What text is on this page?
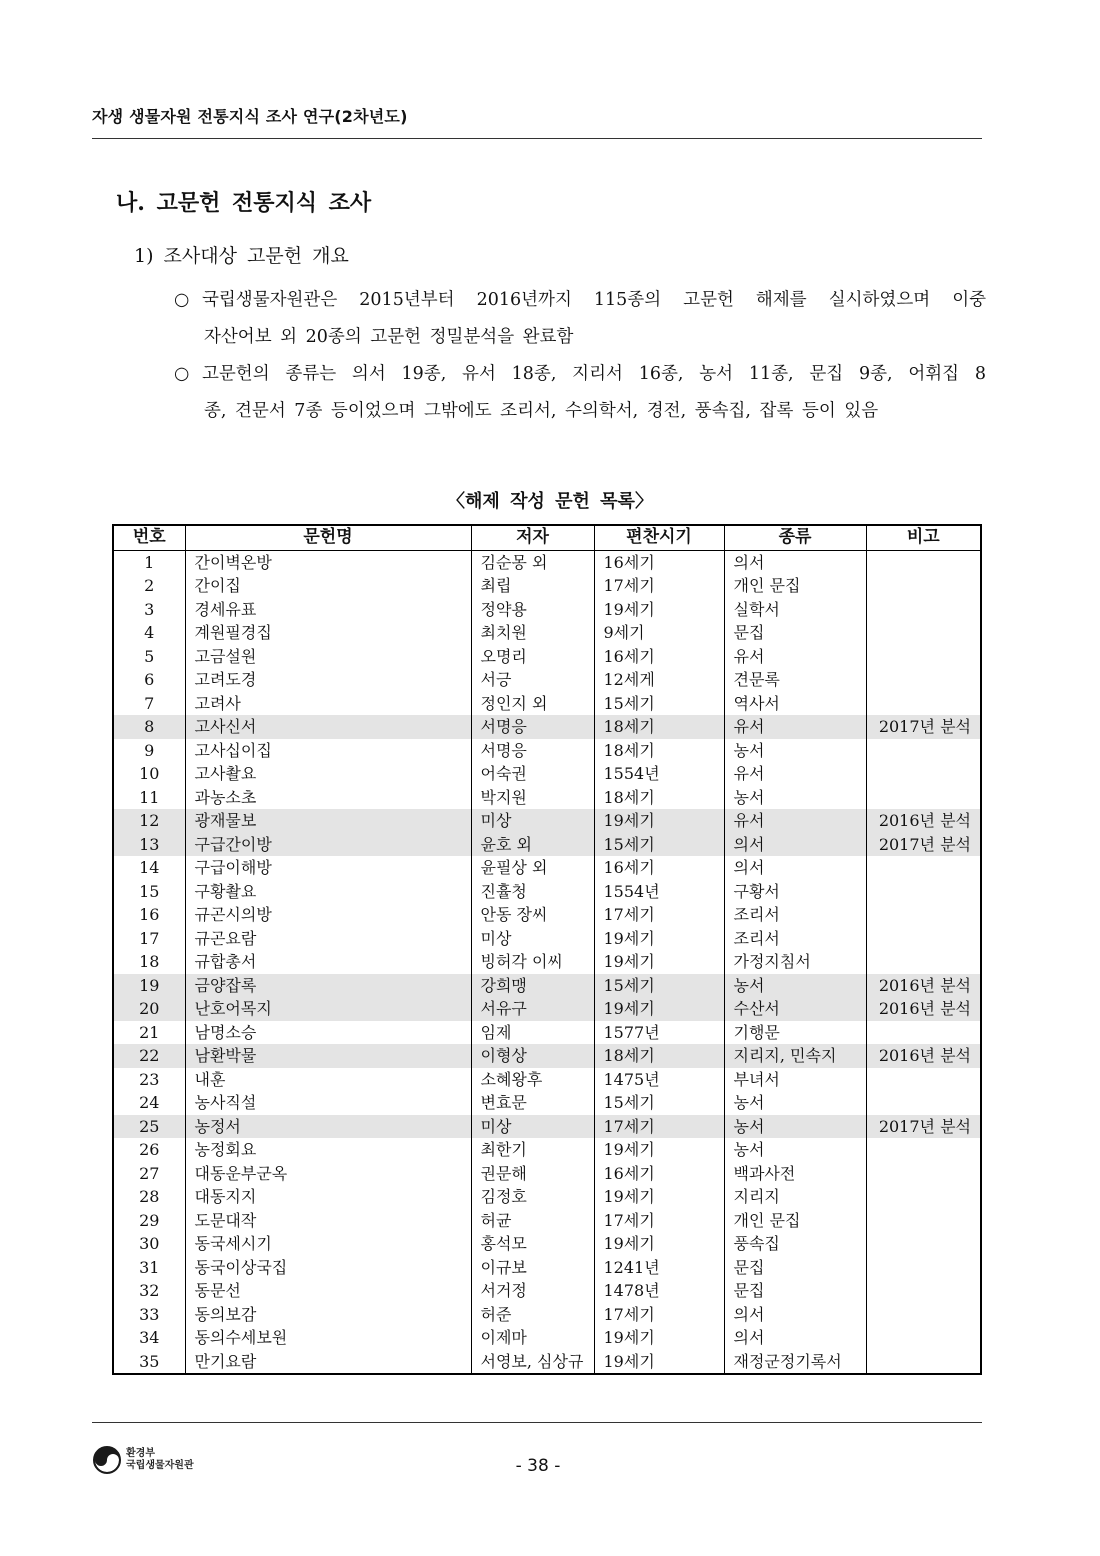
자생 생물자원 전통지식 조사 연구(2차년도)
나. 고문헌 전통지식 조사
1) 조사대상 고문헌 개요
○ 국립생물자원관은 2015년부터 2016년까지 115종의 고문헌 해제를 실시하였으며 이중
자산어보 외 20종의 고문헌 정밀분석을 완료함
○ 고문헌의 종류는 의서 19종, 유서 18종, 지리서 16종, 농서 11종, 문집 9종, 어휘집 8
종, 견문서 7종 등이었으며 그밖에도 조리서, 수의학서, 경전, 풍속집, 잡록 등이 있음
〈해제 작성 문헌 목록〉
번호	문헌명	저자	편찬시기	종류	비고
1	간이벽온방	김순몽 외	16세기	의서	
2	간이집	최립	17세기	개인 문집	
3	경세유표	정약용	19세기	실학서	
4	계원필경집	최치원	9세기	문집	
5	고금설원	오명리	16세기	유서	
6	고려도경	서긍	12세게	견문록	
7	고려사	정인지 외	15세기	역사서	
8	고사신서	서명응	18세기	유서	2017년 분석
9	고사십이집	서명응	18세기	농서	
10	고사촬요	어숙권	1554년	유서	
11	과농소초	박지원	18세기	농서	
12	광재물보	미상	19세기	유서	2016년 분석
13	구급간이방	윤호 외	15세기	의서	2017년 분석
14	구급이해방	윤필상 외	16세기	의서	
15	구황촬요	진휼청	1554년	구황서	
16	규곤시의방	안동 장씨	17세기	조리서	
17	규곤요람	미상	19세기	조리서	
18	규합총서	빙허각 이씨	19세기	가정지침서	
19	금양잡록	강희맹	15세기	농서	2016년 분석
20	난호어목지	서유구	19세기	수산서	2016년 분석
21	남명소승	임제	1577년	기행문	
22	남환박물	이형상	18세기	지리지, 민속지	2016년 분석
23	내훈	소혜왕후	1475년	부녀서	
24	농사직설	변효문	15세기	농서	
25	농정서	미상	17세기	농서	2017년 분석
26	농정회요	최한기	19세기	농서	
27	대동운부군옥	권문해	16세기	백과사전	
28	대동지지	김정호	19세기	지리지	
29	도문대작	허균	17세기	개인 문집	
30	동국세시기	홍석모	19세기	풍속집	
31	동국이상국집	이규보	1241년	문집	
32	동문선	서거정	1478년	문집	
33	동의보감	허준	17세기	의서	
34	동의수세보원	이제마	19세기	의서	
35	만기요람	서영보, 심상규	19세기	재정군정기록서	
환경부
국립생물자원관	- 38 -
